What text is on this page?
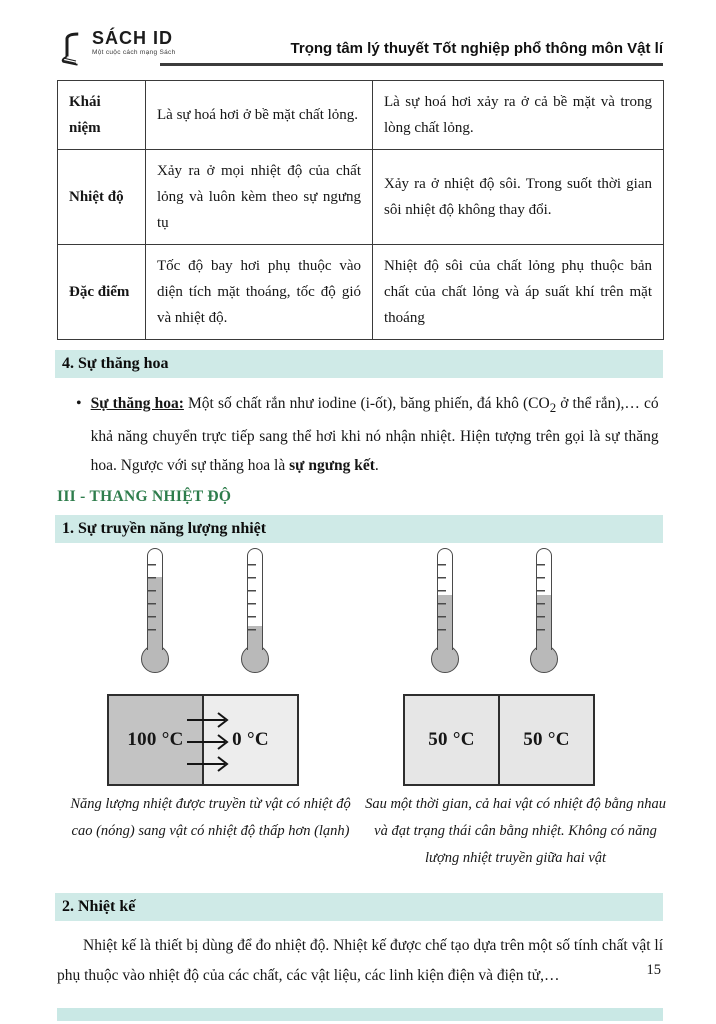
SÁCH ID
Một cuộc cách mạng Sách	Trọng tâm lý thuyết Tốt nghiệp phổ thông môn Vật lí
Khái niệm	Là sự hoá hơi ở bề mặt chất lỏng.	Là sự hoá hơi xảy ra ở cả bề mặt và trong lòng chất lỏng.
Nhiệt độ	Xảy ra ở mọi nhiệt độ của chất lỏng và luôn kèm theo sự ngưng tụ	Xảy ra ở nhiệt độ sôi. Trong suốt thời gian sôi nhiệt độ không thay đổi.
Đặc điểm	Tốc độ bay hơi phụ thuộc vào diện tích mặt thoáng, tốc độ gió và nhiệt độ.	Nhiệt độ sôi của chất lỏng phụ thuộc bản chất của chất lỏng và áp suất khí trên mặt thoáng
4. Sự thăng hoa
• Sự thăng hoa: Một số chất rắn như iodine (i-ốt), băng phiến, đá khô ($CO_2$ ở thể rắn),… có khả năng chuyển trực tiếp sang thể hơi khi nó nhận nhiệt. Hiện tượng trên gọi là sự thăng hoa. Ngược với sự thăng hoa là sự ngưng kết.
III - THANG NHIỆT ĐỘ
1. Sự truyền năng lượng nhiệt
100 °C	0 °C	50 °C	50 °C
Năng lượng nhiệt được truyền từ vật có nhiệt độ cao (nóng) sang vật có nhiệt độ thấp hơn (lạnh)
Sau một thời gian, cả hai vật có nhiệt độ bằng nhau và đạt trạng thái cân bằng nhiệt. Không có năng lượng nhiệt truyền giữa hai vật
2. Nhiệt kế

Nhiệt kế là thiết bị dùng để đo nhiệt độ. Nhiệt kế được chế tạo dựa trên một số tính chất vật lí phụ thuộc vào nhiệt độ của các chất, các vật liệu, các linh kiện điện và điện tử,…	15
